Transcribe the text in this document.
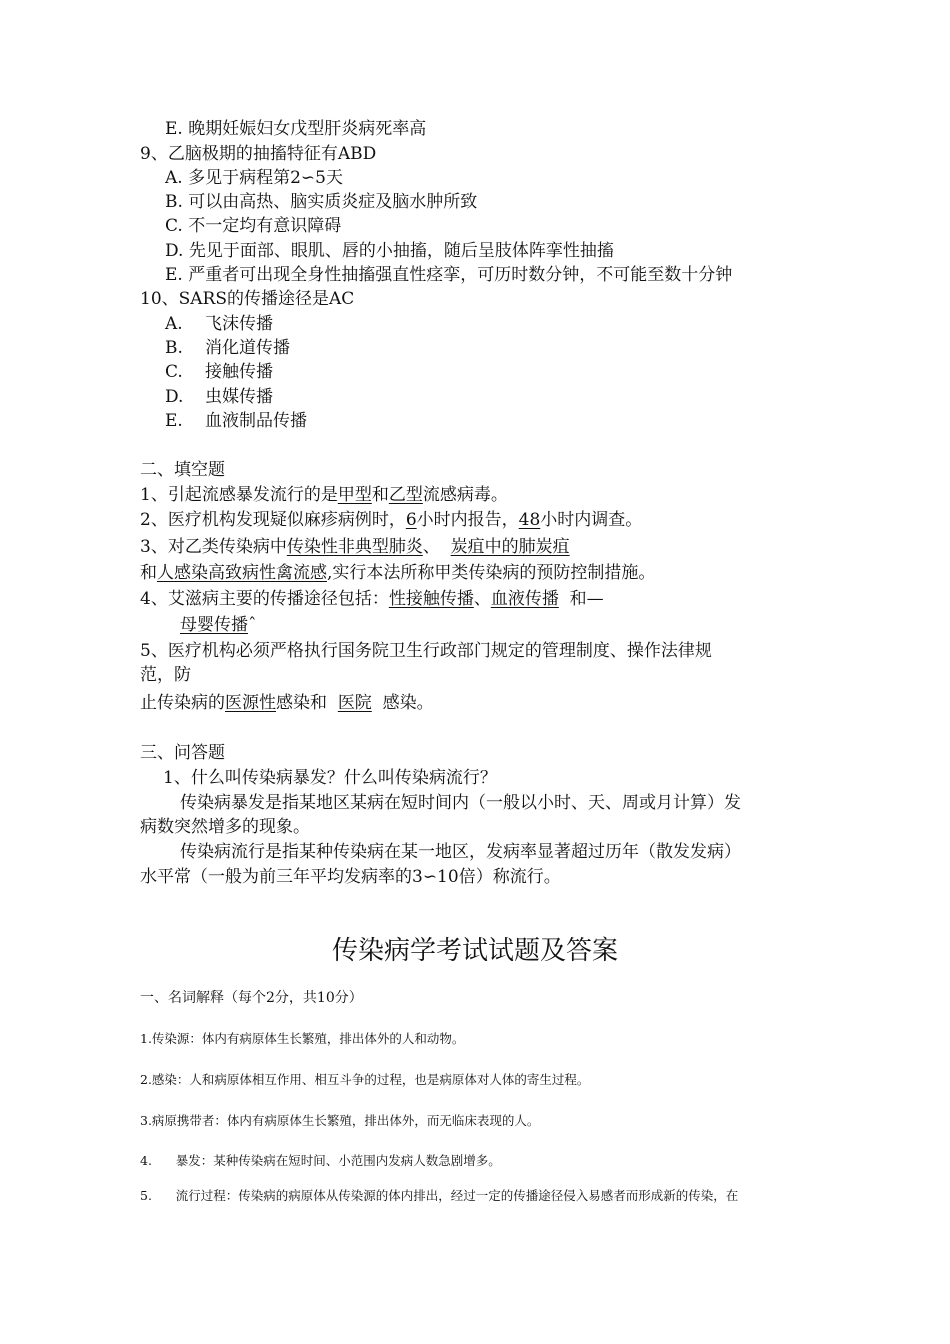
E. 晚期妊娠妇女戊型肝炎病死率高
9、乙脑极期的抽搐特征有ABD
A. 多见于病程第2∽5天
B. 可以由高热、脑实质炎症及脑水肿所致
C. 不一定均有意识障碍
D. 先见于面部、眼肌、唇的小抽搐，随后呈肢体阵挛性抽搐
E. 严重者可出现全身性抽搐强直性痉挛，可历时数分钟，不可能至数十分钟
10、SARS的传播途径是AC
A. 飞沫传播
B. 消化道传播
C. 接触传播
D. 虫媒传播
E. 血液制品传播
二、填空题
1、引起流感暴发流行的是甲型和乙型流感病毒。
2、医疗机构发现疑似麻疹病例时，6小时内报告，48小时内调查。
3、对乙类传染病中传染性非典型肺炎、  炭疽中的肺炭疽
和人感染高致病性禽流感,实行本法所称甲类传染病的预防控制措施。
4、艾滋病主要的传播途径包括：性接触传播、血液传播  和—
母婴传播ˆ
5、医疗机构必须严格执行国务院卫生行政部门规定的管理制度、操作法律规
范，防
止传染病的医源性感染和  医院  感染。
三、问答题
1、什么叫传染病暴发？什么叫传染病流行？
传染病暴发是指某地区某病在短时间内（一般以小时、天、周或月计算）发
病数突然增多的现象。
传染病流行是指某种传染病在某一地区，发病率显著超过历年（散发发病）
水平常（一般为前三年平均发病率的3∽10倍）称流行。
传染病学考试试题及答案
一、名词解释（每个2分，共10分）
1.传染源：体内有病原体生长繁殖，排出体外的人和动物。
2.感染：人和病原体相互作用、相互斗争的过程，也是病原体对人体的寄生过程。
3.病原携带者：体内有病原体生长繁殖，排出体外，而无临床表现的人。
4.      暴发：某种传染病在短时间、小范围内发病人数急剧增多。
5.      流行过程：传染病的病原体从传染源的体内排出，经过一定的传播途径侵入易感者而形成新的传染，在
